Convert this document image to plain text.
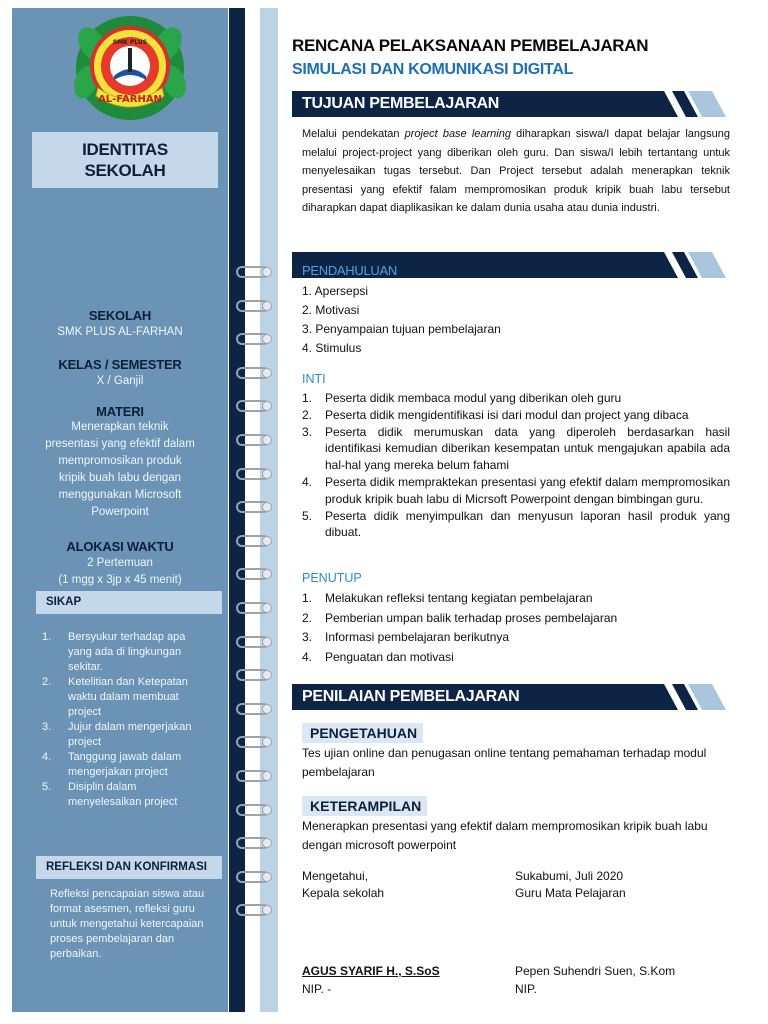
AL-FARHAN
SMK PLUS
IDENTITAS
SEKOLAH
SEKOLAH
SMK PLUS AL-FARHAN
KELAS / SEMESTER
X / Ganjil
MATERI
Menerapkan teknik
presentasi yang efektif dalam
mempromosikan produk
kripik buah labu dengan
menggunakan Microsoft
Powerpoint
ALOKASI WAKTU
2 Pertemuan
(1 mgg x 3jp x 45 menit)
SIKAP
1. Bersyukur terhadap apa yang ada di lingkungan sekitar.
2. Ketelitian dan Ketepatan waktu dalam membuat project
3. Jujur dalam mengerjakan project
4. Tanggung jawab dalam mengerjakan project
5. Disiplin dalam menyelesaikan project
REFLEKSI DAN KONFIRMASI
Refleksi pencapaian siswa atau format asesmen, refleksi guru untuk mengetahui ketercapaian proses pembelajaran dan perbaikan.
RENCANA PELAKSANAAN PEMBELAJARAN
SIMULASI DAN KOMUNIKASI DIGITAL
TUJUAN PEMBELAJARAN
Melalui pendekatan project base learning diharapkan siswa/I dapat belajar langsung melalui project-project yang diberikan oleh guru. Dan siswa/I lebih tertantang untuk menyelesaikan tugas tersebut. Dan Project tersebut adalah menerapkan teknik presentasi yang efektif falam mempromosikan produk kripik buah labu tersebut diharapkan dapat diaplikasikan ke dalam dunia usaha atau dunia industri.
PENDAHULUAN
1. Apersepsi
2. Motivasi
3. Penyampaian tujuan pembelajaran
4. Stimulus
INTI
1. Peserta didik membaca modul yang diberikan oleh guru
2. Peserta didik mengidentifikasi isi dari modul dan project yang dibaca
3. Peserta didik merumuskan data yang diperoleh berdasarkan hasil identifikasi kemudian diberikan kesempatan untuk mengajukan apabila ada hal-hal yang mereka belum fahami
4. Peserta didik mempraktekan presentasi yang efektif dalam mempromosikan produk kripik buah labu di Micrsoft Powerpoint dengan bimbingan guru.
5. Peserta didik menyimpulkan dan menyusun laporan hasil produk yang dibuat.
PENUTUP
1. Melakukan refleksi tentang kegiatan pembelajaran
2. Pemberian umpan balik terhadap proses pembelajaran
3. Informasi pembelajaran berikutnya
4. Penguatan dan motivasi
PENILAIAN PEMBELAJARAN
PENGETAHUAN
Tes ujian online dan penugasan online tentang pemahaman terhadap modul pembelajaran
KETERAMPILAN
Menerapkan presentasi yang efektif dalam mempromosikan kripik buah labu dengan microsoft powerpoint
Mengetahui,
Kepala sekolah
Sukabumi, Juli 2020
Guru Mata Pelajaran
AGUS SYARIF H., S.SoS
NIP. -
Pepen Suhendri Suen, S.Kom
NIP.
